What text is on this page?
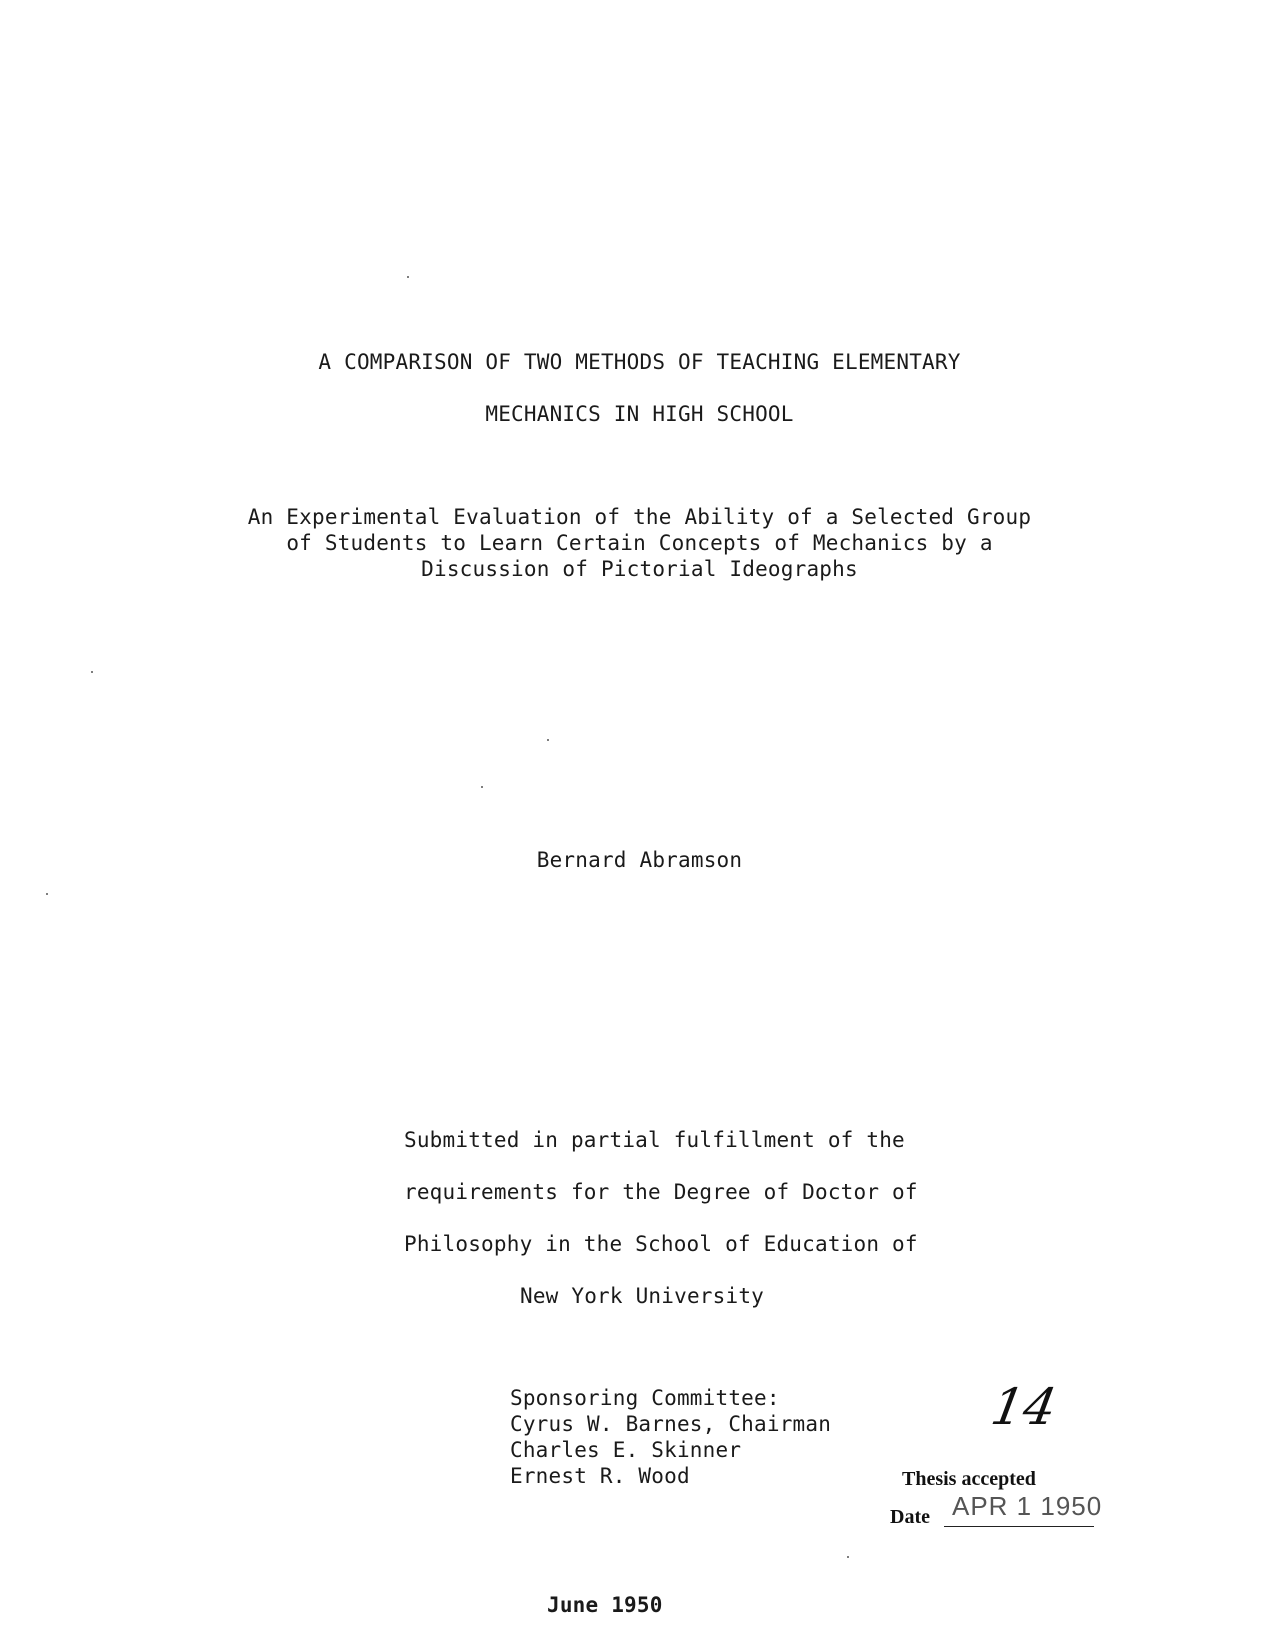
A COMPARISON OF TWO METHODS OF TEACHING ELEMENTARY
MECHANICS IN HIGH SCHOOL
An Experimental Evaluation of the Ability of a Selected Group
of Students to Learn Certain Concepts of Mechanics by a
Discussion of Pictorial Ideographs
Bernard Abramson
Submitted in partial fulfillment of the
requirements for the Degree of Doctor of
Philosophy in the School of Education of
New York University
Sponsoring Committee:
Cyrus W. Barnes, Chairman
Charles E. Skinner
Ernest R. Wood
14
Thesis accepted
Date APR 1 1950
June 1950
